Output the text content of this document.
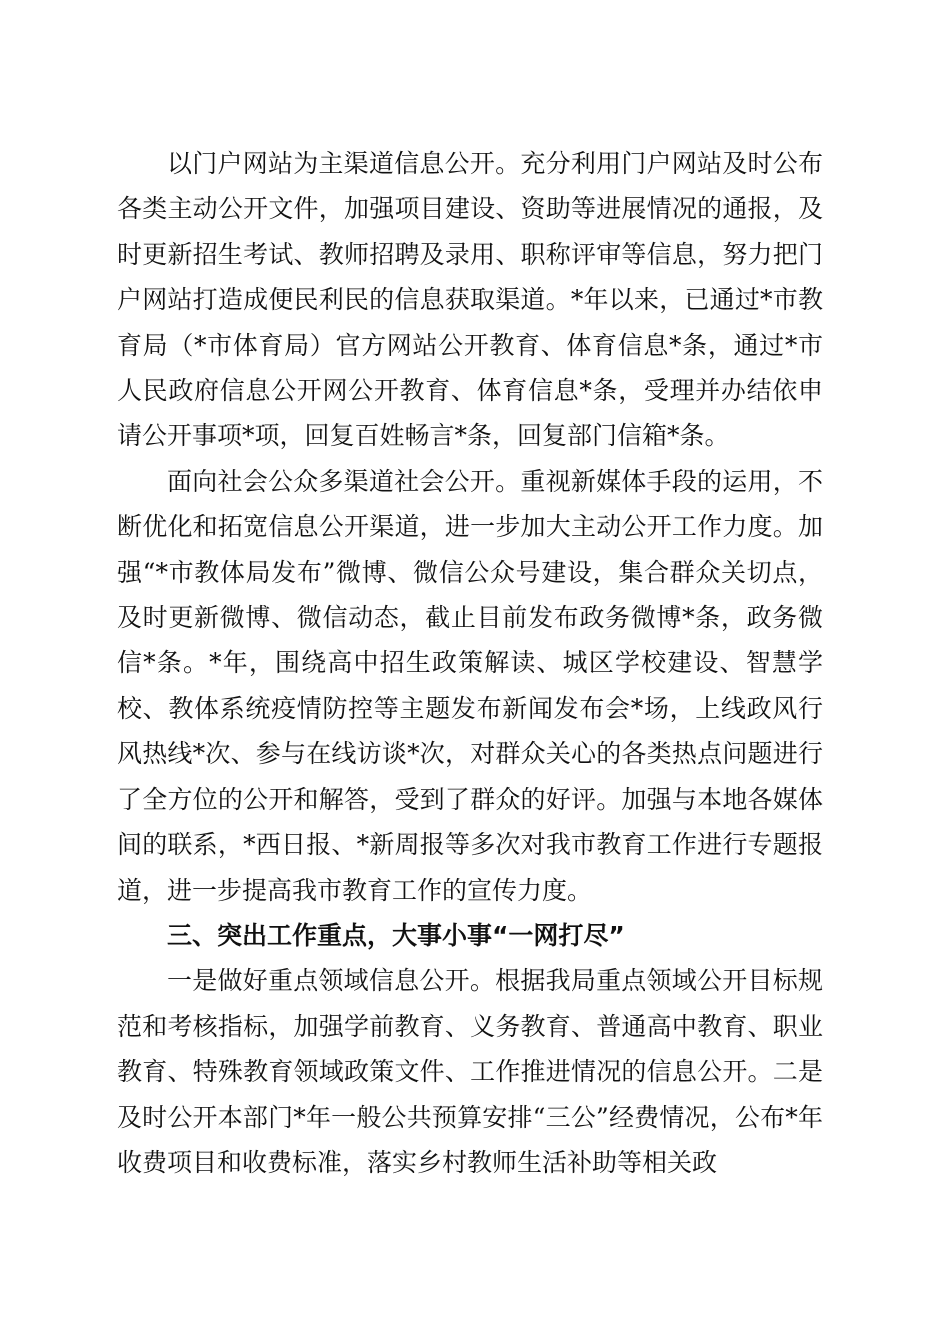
以门户网站为主渠道信息公开。充分利用门户网站及时公布各类主动公开文件，加强项目建设、资助等进展情况的通报，及时更新招生考试、教师招聘及录用、职称评审等信息，努力把门户网站打造成便民利民的信息获取渠道。*年以来，已通过*市教育局（*市体育局）官方网站公开教育、体育信息*条，通过*市人民政府信息公开网公开教育、体育信息*条，受理并办结依申请公开事项*项，回复百姓畅言*条，回复部门信箱*条。

面向社会公众多渠道社会公开。重视新媒体手段的运用，不断优化和拓宽信息公开渠道，进一步加大主动公开工作力度。加强“*市教体局发布”微博、微信公众号建设，集合群众关切点，及时更新微博、微信动态，截止目前发布政务微博*条，政务微信*条。*年，围绕高中招生政策解读、城区学校建设、智慧学校、教体系统疫情防控等主题发布新闻发布会*场，上线政风行风热线*次、参与在线访谈*次，对群众关心的各类热点问题进行了全方位的公开和解答，受到了群众的好评。加强与本地各媒体间的联系，*西日报、*新周报等多次对我市教育工作进行专题报道，进一步提高我市教育工作的宣传力度。

三、突出工作重点，大事小事“一网打尽”

一是做好重点领域信息公开。根据我局重点领域公开目标规范和考核指标，加强学前教育、义务教育、普通高中教育、职业教育、特殊教育领域政策文件、工作推进情况的信息公开。二是及时公开本部门*年一般公共预算安排“三公”经费情况，公布*年收费项目和收费标准，落实乡村教师生活补助等相关政
